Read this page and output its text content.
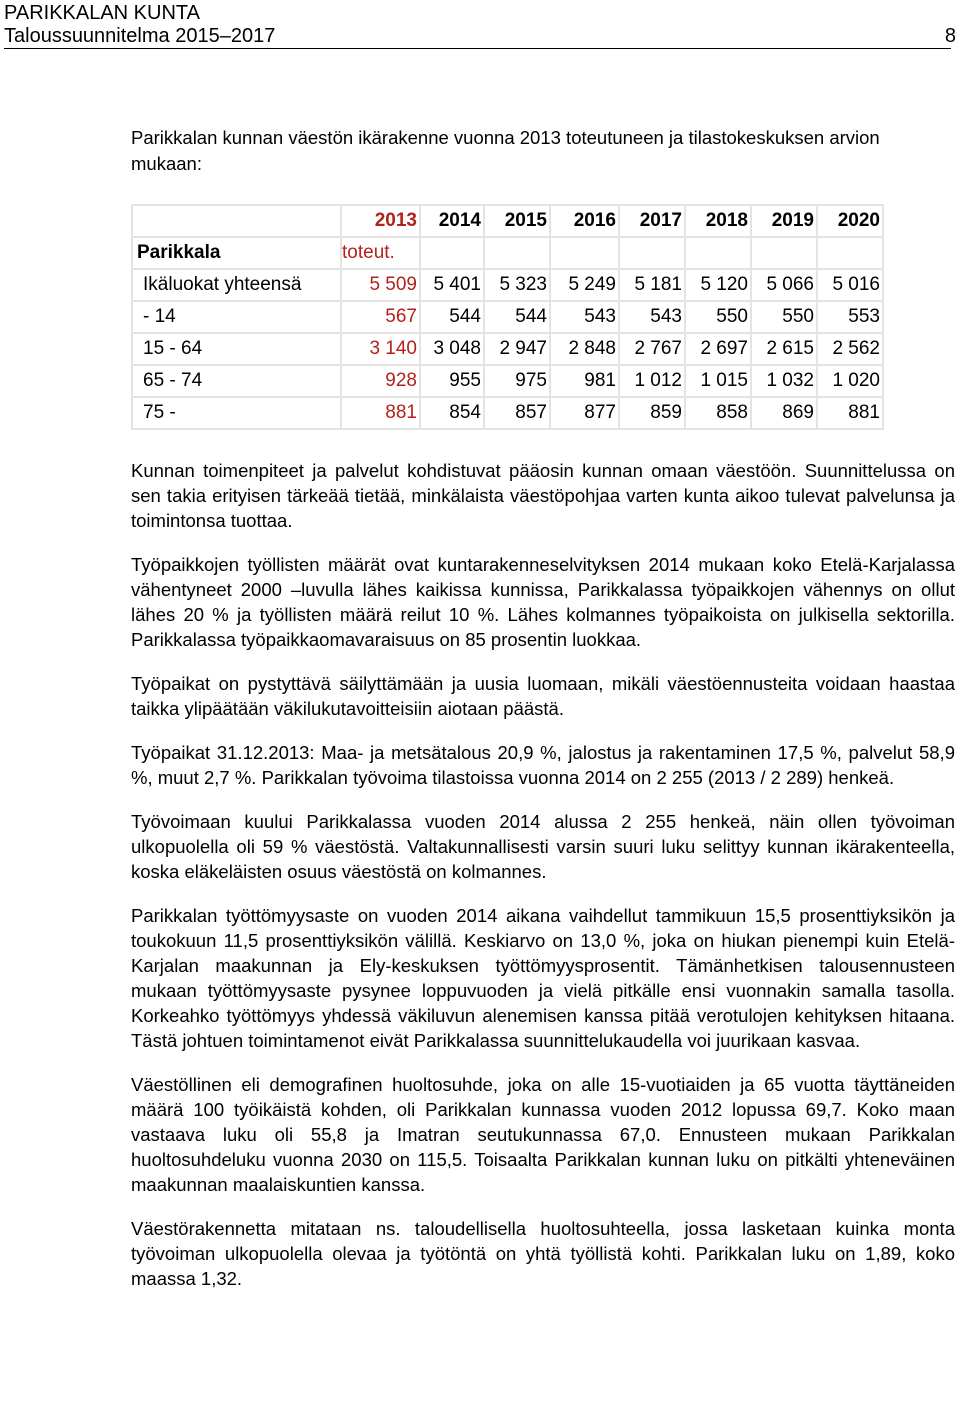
PARIKKALAN KUNTA
Taloussuunnitelma 2015–2017	8

Parikkalan kunnan väestön ikärakenne vuonna 2013 toteutuneen ja tilastokeskuksen arvion mukaan:

	2013	2014	2015	2016	2017	2018	2019	2020
Parikkala	toteut.							
Ikäluokat yhteensä	5 509	5 401	5 323	5 249	5 181	5 120	5 066	5 016
- 14	567	544	544	543	543	550	550	553
15 - 64	3 140	3 048	2 947	2 848	2 767	2 697	2 615	2 562
65 - 74	928	955	975	981	1 012	1 015	1 032	1 020
75 -	881	854	857	877	859	858	869	881

Kunnan toimenpiteet ja palvelut kohdistuvat pääosin kunnan omaan väestöön. Suunnittelussa on sen takia erityisen tärkeää tietää, minkälaista väestöpohjaa varten kunta aikoo tulevat palvelunsa ja toimintonsa tuottaa.

Työpaikkojen työllisten määrät ovat kuntarakenneselvityksen 2014 mukaan koko Etelä-Karjalassa vähentyneet 2000 –luvulla lähes kaikissa kunnissa, Parikkalassa työpaikkojen vähennys on ollut lähes 20 % ja työllisten määrä reilut 10 %. Lähes kolmannes työpaikoista on julkisella sektorilla. Parikkalassa työpaikkaomavaraisuus on 85 prosentin luokkaa.

Työpaikat on pystyttävä säilyttämään ja uusia luomaan, mikäli väestöennusteita voidaan haastaa taikka ylipäätään väkilukutavoitteisiin aiotaan päästä.

Työpaikat 31.12.2013: Maa- ja metsätalous 20,9 %, jalostus ja rakentaminen 17,5 %, palvelut 58,9 %, muut 2,7 %. Parikkalan työvoima tilastoissa vuonna 2014 on 2 255 (2013 / 2 289) henkeä.

Työvoimaan kuului Parikkalassa vuoden 2014 alussa 2 255 henkeä, näin ollen työvoiman ulkopuolella oli 59 % väestöstä. Valtakunnallisesti varsin suuri luku selittyy kunnan ikärakenteella, koska eläkeläisten osuus väestöstä on kolmannes.

Parikkalan työttömyysaste on vuoden 2014 aikana vaihdellut tammikuun 15,5 prosenttiyksikön ja toukokuun 11,5 prosenttiyksikön välillä. Keskiarvo on 13,0 %, joka on hiukan pienempi kuin Etelä-Karjalan maakunnan ja Ely-keskuksen työttömyysprosentit. Tämänhetkisen talousennusteen mukaan työttömyysaste pysynee loppuvuoden ja vielä pitkälle ensi vuonnakin samalla tasolla. Korkeahko työttömyys yhdessä väkiluvun alenemisen kanssa pitää verotulojen kehityksen hitaana. Tästä johtuen toimintamenot eivät Parikkalassa suunnittelukaudella voi juurikaan kasvaa.

Väestöllinen eli demografinen huoltosuhde, joka on alle 15-vuotiaiden ja 65 vuotta täyttäneiden määrä 100 työikäistä kohden, oli Parikkalan kunnassa vuoden 2012 lopussa 69,7. Koko maan vastaava luku oli 55,8 ja Imatran seutukunnassa 67,0. Ennusteen mukaan Parikkalan huoltosuhdeluku vuonna 2030 on 115,5. Toisaalta Parikkalan kunnan luku on pitkälti yhteneväinen maakunnan maalaiskuntien kanssa.

Väestörakennetta mitataan ns. taloudellisella huoltosuhteella, jossa lasketaan kuinka monta työvoiman ulkopuolella olevaa ja työtöntä on yhtä työllistä kohti. Parikkalan luku on 1,89, koko maassa 1,32.
